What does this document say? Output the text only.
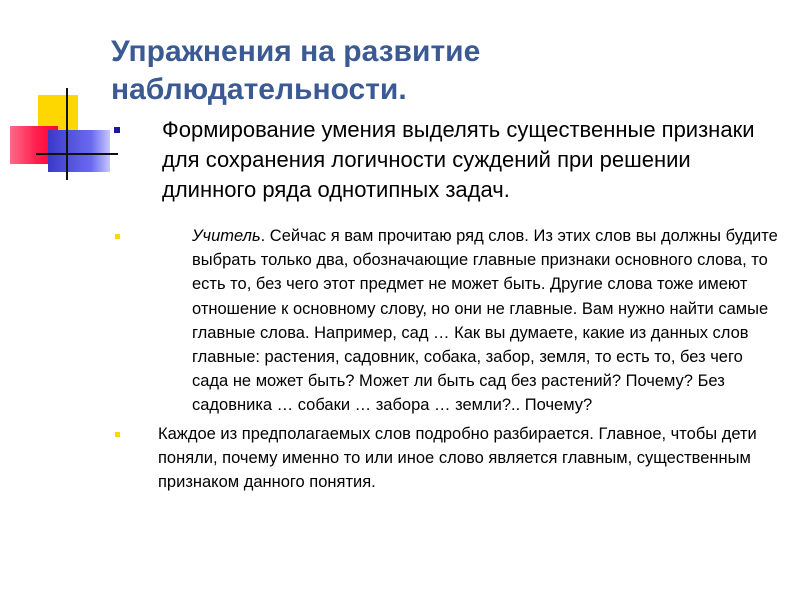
Упражнения на развитие
наблюдательности.
Формирование умения выделять существенные признаки для сохранения логичности суждений при решении длинного ряда однотипных задач.
Учитель. Сейчас я вам прочитаю ряд слов. Из этих слов вы должны будите выбрать только два, обозначающие главные признаки основного слова, то есть то, без чего этот предмет не может быть. Другие слова тоже имеют отношение к основному слову, но они не главные. Вам нужно найти самые главные слова. Например, сад … Как вы думаете, какие из данных слов главные: растения, садовник, собака, забор, земля, то есть то, без чего сада не может быть? Может ли быть сад без растений? Почему? Без садовника … собаки … забора … земли?.. Почему?
Каждое из предполагаемых слов подробно разбирается. Главное, чтобы дети поняли, почему именно то или иное слово является главным, существенным признаком данного понятия.
